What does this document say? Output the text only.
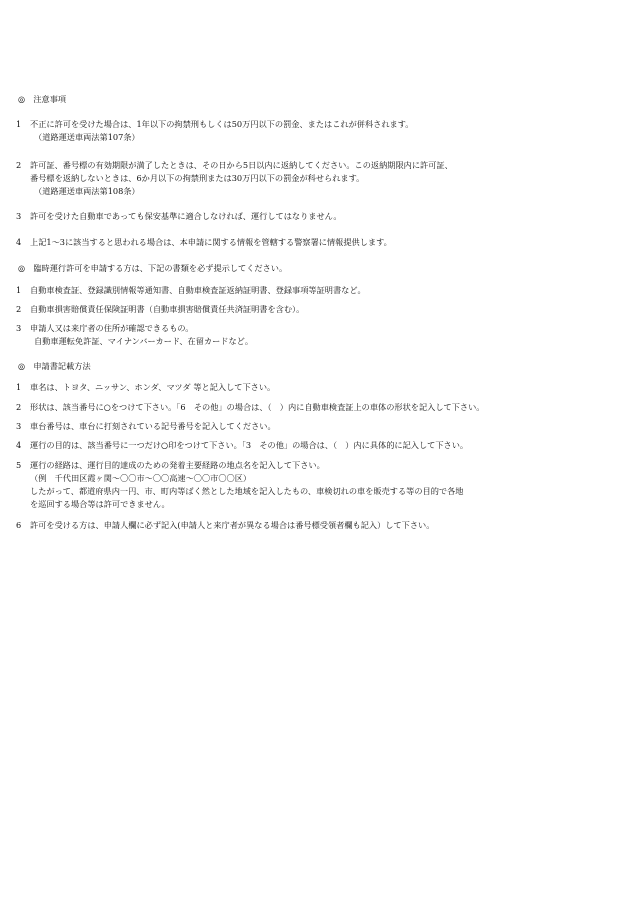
◎　注意事項
1 不正に許可を受けた場合は、1年以下の拘禁刑もしくは50万円以下の罰金、またはこれが併科されます。
（道路運送車両法第107条）
2 許可証、番号標の有効期限が満了したときは、その日から5日以内に返納してください。この返納期限内に許可証、
番号標を返納しないときは、6か月以下の拘禁刑または30万円以下の罰金が科せられます。
（道路運送車両法第108条）
3 許可を受けた自動車であっても保安基準に適合しなければ、運行してはなりません。
4 上記1～3に該当すると思われる場合は、本申請に関する情報を管轄する警察署に情報提供します。
◎　臨時運行許可を申請する方は、下記の書類を必ず提示してください。
1 自動車検査証、登録識別情報等通知書、自動車検査証返納証明書、登録事項等証明書など。
2 自動車損害賠償責任保険証明書（自動車損害賠償責任共済証明書を含む）。
3 申請人又は来庁者の住所が確認できるもの。
自動車運転免許証、マイナンバーカード、在留カードなど。
◎　申請書記載方法
1 車名は、トヨタ、ニッサン、ホンダ、マツダ 等と記入して下さい。
2 形状は、該当番号に○をつけて下さい。「6　その他」の場合は、（　）内に自動車検査証上の車体の形状を記入して下さい。
3 車台番号は、車台に打刻されている記号番号を記入してください。
4 運行の目的は、該当番号に一つだけ○印をつけて下さい。「3　その他」の場合は、（　）内に具体的に記入して下さい。
5 運行の経路は、運行目的達成のための発着主要経路の地点名を記入して下さい。
（例　千代田区霞ヶ関～〇〇市～〇〇高速～〇〇市〇〇区）
したがって、都道府県内一円、市、町内等ばく然とした地域を記入したもの、車検切れの車を販売する等の目的で各地
を巡回する場合等は許可できません。
6 許可を受ける方は、申請人欄に必ず記入(申請人と来庁者が異なる場合は番号標受領者欄も記入）して下さい。
